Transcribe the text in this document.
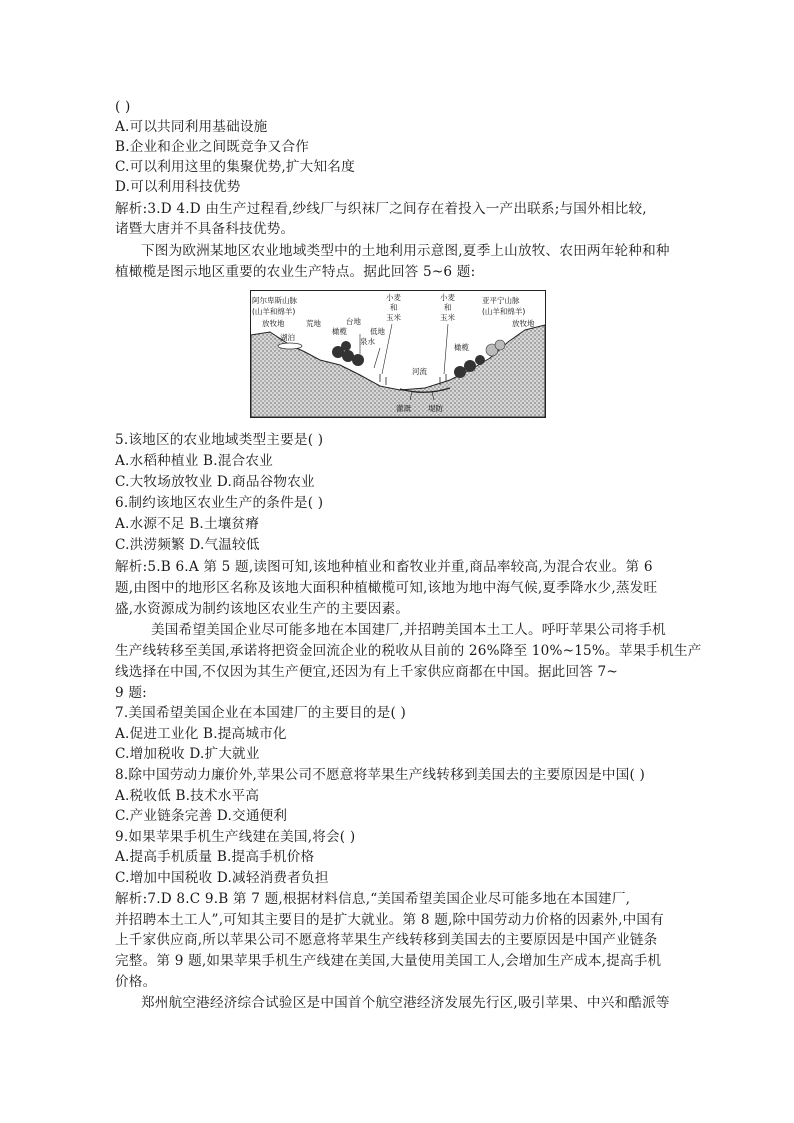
( )
A.可以共同利用基础设施
B.企业和企业之间既竞争又合作
C.可以利用这里的集聚优势,扩大知名度
D.可以利用科技优势
解析:3.D 4.D 由生产过程看,纱线厂与织袜厂之间存在着投入一产出联系;与国外相比较,
诸暨大唐并不具备科技优势。
下图为欧洲某地区农业地域类型中的土地利用示意图,夏季上山放牧、农田两年轮种和种
植橄榄是图示地区重要的农业生产特点。据此回答 5~6 题:
阿尔卑斯山脉
(山羊和绵羊)
放牧地
湖泊
荒地
橄榄
台地
低地
泉水
小麦
和
玉米
小麦
和
玉米
河流
橄榄
亚平宁山脉
(山羊和绵羊)
放牧地
灌溉 堤防
5.该地区的农业地域类型主要是( )
A.水稻种植业 B.混合农业
C.大牧场放牧业 D.商品谷物农业
6.制约该地区农业生产的条件是( )
A.水源不足 B.土壤贫瘠
C.洪涝频繁 D.气温较低
解析:5.B 6.A 第 5 题,读图可知,该地种植业和畜牧业并重,商品率较高,为混合农业。第 6
题,由图中的地形区名称及该地大面积种植橄榄可知,该地为地中海气候,夏季降水少,蒸发旺
盛,水资源成为制约该地区农业生产的主要因素。
美国希望美国企业尽可能多地在本国建厂,并招聘美国本土工人。呼吁苹果公司将手机
生产线转移至美国,承诺将把资金回流企业的税收从目前的 26%降至 10%~15%。苹果手机生产
线选择在中国,不仅因为其生产便宜,还因为有上千家供应商都在中国。据此回答 7~
9 题:
7.美国希望美国企业在本国建厂的主要目的是( )
A.促进工业化 B.提高城市化
C.增加税收 D.扩大就业
8.除中国劳动力廉价外,苹果公司不愿意将苹果生产线转移到美国去的主要原因是中国( )
A.税收低 B.技术水平高
C.产业链条完善 D.交通便利
9.如果苹果手机生产线建在美国,将会( )
A.提高手机质量 B.提高手机价格
C.增加中国税收 D.减轻消费者负担
解析:7.D 8.C 9.B 第 7 题,根据材料信息,“美国希望美国企业尽可能多地在本国建厂,
并招聘本土工人”,可知其主要目的是扩大就业。第 8 题,除中国劳动力价格的因素外,中国有
上千家供应商,所以苹果公司不愿意将苹果生产线转移到美国去的主要原因是中国产业链条
完整。第 9 题,如果苹果手机生产线建在美国,大量使用美国工人,会增加生产成本,提高手机
价格。
郑州航空港经济综合试验区是中国首个航空港经济发展先行区,吸引苹果、中兴和酷派等
